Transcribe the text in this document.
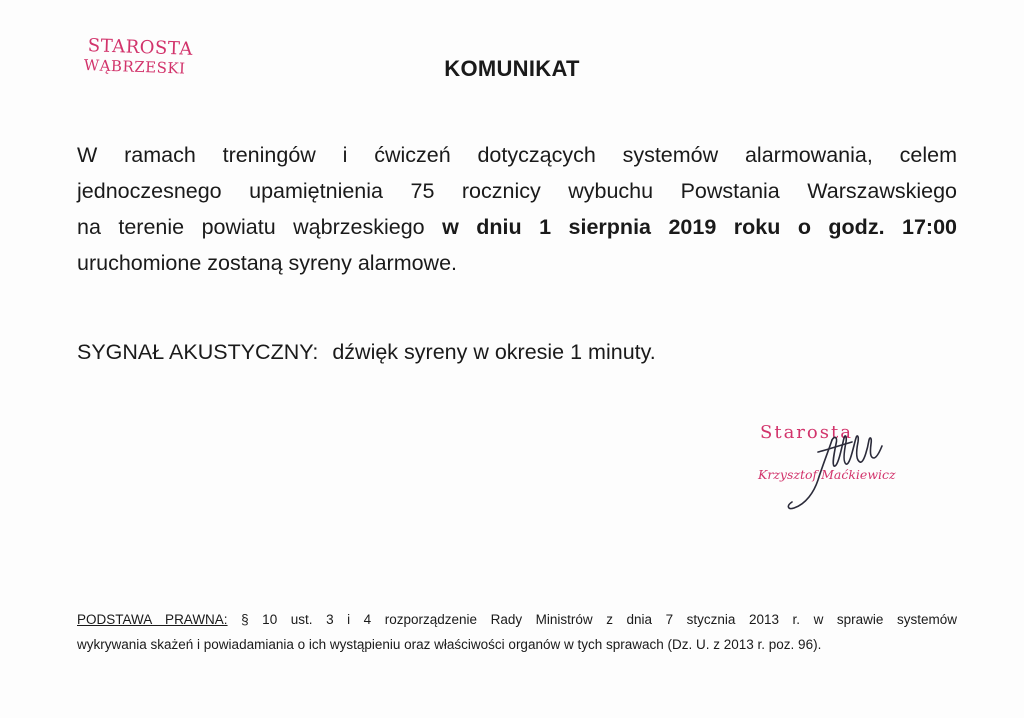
STAROSTA
WĄBRZESKI	KOMUNIKAT
W ramach treningów i ćwiczeń dotyczących systemów alarmowania, celem
jednoczesnego upamiętnienia 75 rocznicy wybuchu Powstania Warszawskiego
na terenie powiatu wąbrzeskiego w dniu 1 sierpnia 2019 roku o godz. 17:00
uruchomione zostaną syreny alarmowe.
SYGNAŁ AKUSTYCZNY: dźwięk syreny w okresie 1 minuty.
Starosta
Krzysztof Maćkiewicz
PODSTAWA PRAWNA: § 10 ust. 3 i 4 rozporządzenie Rady Ministrów z dnia 7 stycznia 2013 r. w sprawie systemów
wykrywania skażeń i powiadamiania o ich wystąpieniu oraz właściwości organów w tych sprawach (Dz. U. z 2013 r. poz. 96).
